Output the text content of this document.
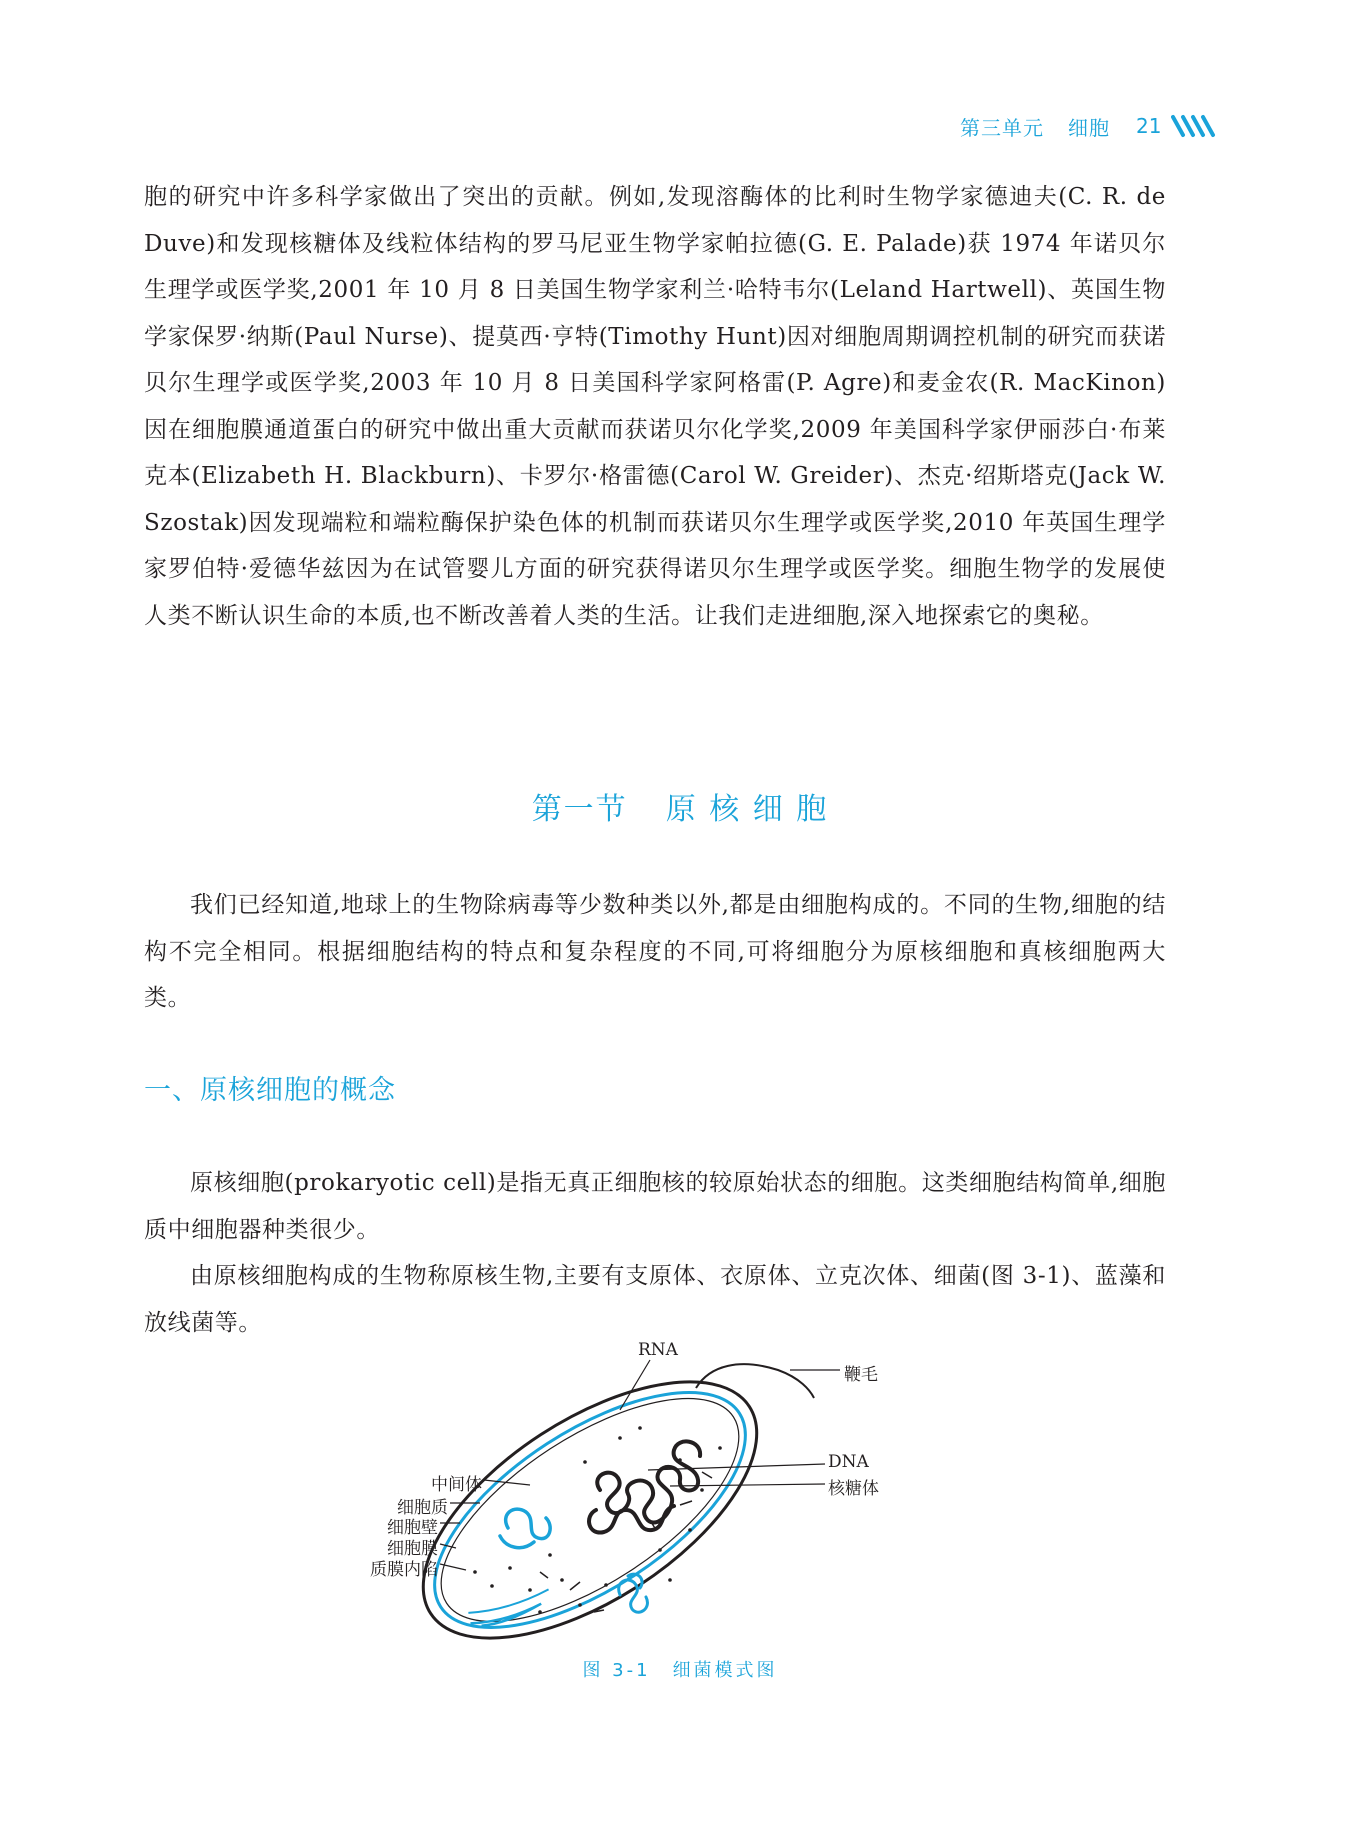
第三单元 细胞 21

胞的研究中许多科学家做出了突出的贡献。例如,发现溶酶体的比利时生物学家德迪夫(C. R. de Duve)和发现核糖体及线粒体结构的罗马尼亚生物学家帕拉德(G. E. Palade)获 1974 年诺贝尔生理学或医学奖,2001 年 10 月 8 日美国生物学家利兰·哈特韦尔(Leland Hartwell)、英国生物学家保罗·纳斯(Paul Nurse)、提莫西·亨特(Timothy Hunt)因对细胞周期调控机制的研究而获诺贝尔生理学或医学奖,2003 年 10 月 8 日美国科学家阿格雷(P. Agre)和麦金农(R. MacKinon)因在细胞膜通道蛋白的研究中做出重大贡献而获诺贝尔化学奖,2009 年美国科学家伊丽莎白·布莱克本(Elizabeth H. Blackburn)、卡罗尔·格雷德(Carol W. Greider)、杰克·绍斯塔克(Jack W. Szostak)因发现端粒和端粒酶保护染色体的机制而获诺贝尔生理学或医学奖,2010 年英国生理学家罗伯特·爱德华兹因为在试管婴儿方面的研究获得诺贝尔生理学或医学奖。细胞生物学的发展使人类不断认识生命的本质,也不断改善着人类的生活。让我们走进细胞,深入地探索它的奥秘。

第一节 原 核 细 胞

我们已经知道,地球上的生物除病毒等少数种类以外,都是由细胞构成的。不同的生物,细胞的结构不完全相同。根据细胞结构的特点和复杂程度的不同,可将细胞分为原核细胞和真核细胞两大类。

一、原核细胞的概念

原核细胞(prokaryotic cell)是指无真正细胞核的较原始状态的细胞。这类细胞结构简单,细胞质中细胞器种类很少。

由原核细胞构成的生物称原核生物,主要有支原体、衣原体、立克次体、细菌(图 3-1)、蓝藻和放线菌等。

RNA
鞭毛
DNA
核糖体
中间体
细胞质
细胞壁
细胞膜
质膜内陷
图 3-1 细菌模式图
